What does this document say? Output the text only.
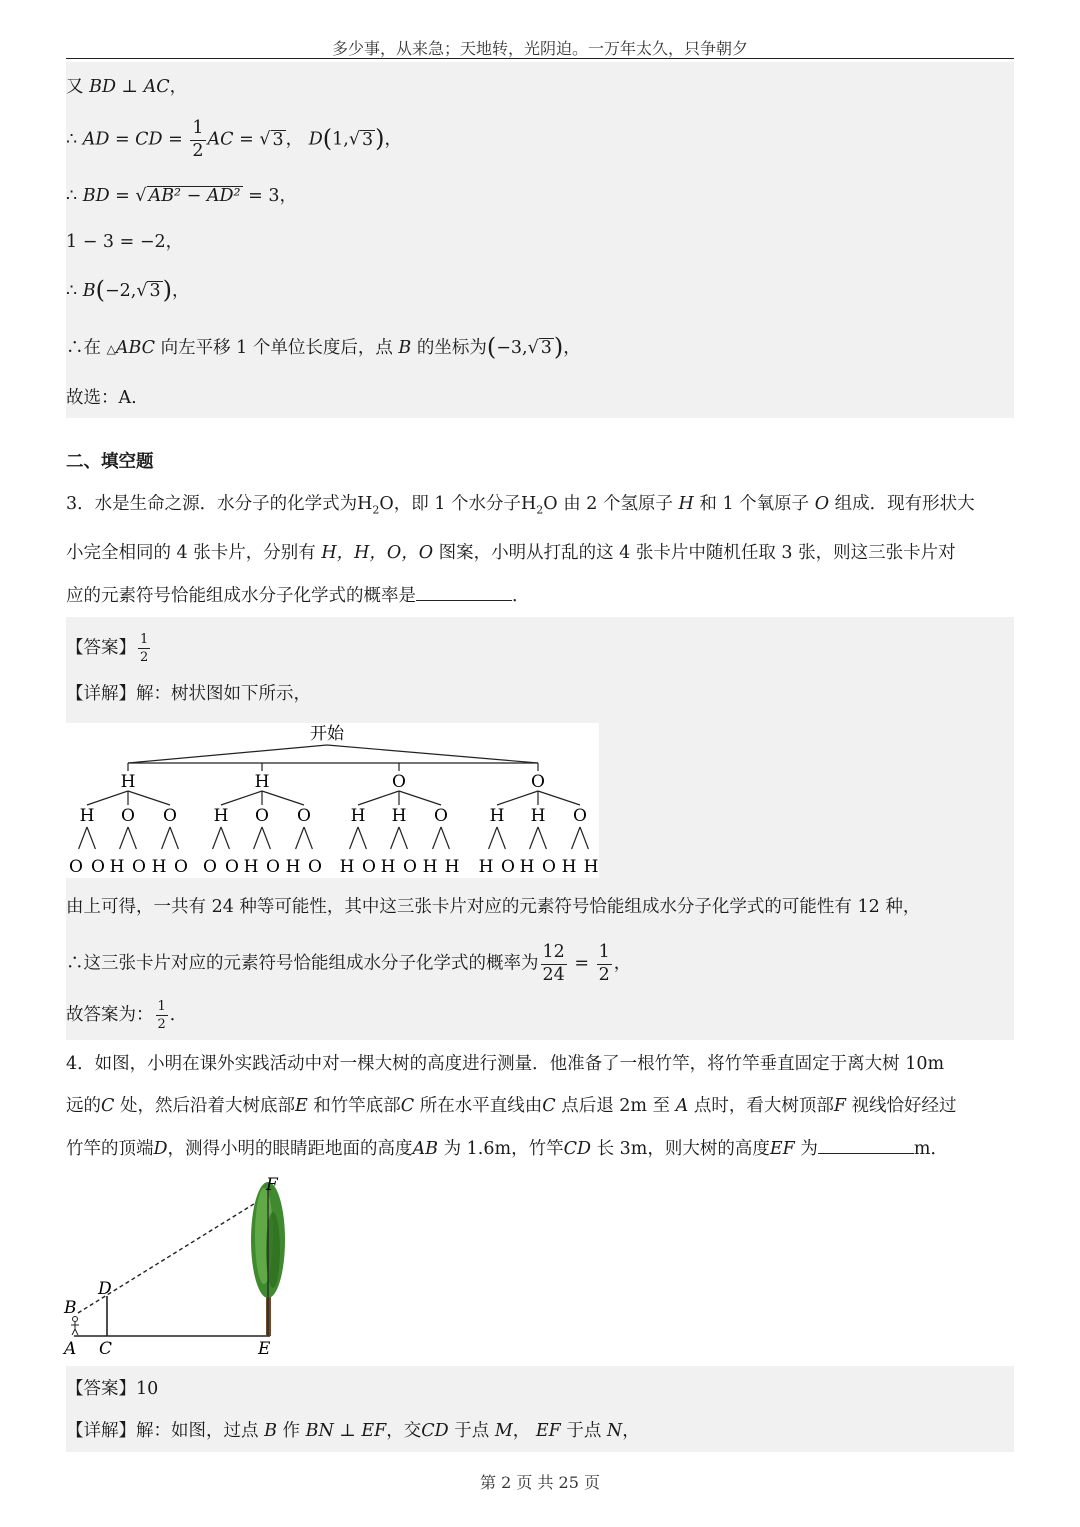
多少事，从来急；天地转，光阴迫。一万年太久，只争朝夕
又 BD ⊥ AC，
∴ AD = CD = $\frac{1}{2}$ AC = √ 3 ， D(1,√ 3)，
∴ BD = √ AB² − AD² = 3，
1 − 3 = −2，
∴ B(−2,√ 3)，
∴在 △ABC 向左平移 1 个单位长度后，点 B 的坐标为(−3,√ 3)，
故选：A.
二、填空题
3．水是生命之源．水分子的化学式为$H_2O$，即 1 个水分子$H_2O$ 由 2 个氢原子 H 和 1 个氧原子 O 组成．现有形状大
小完全相同的 4 张卡片，分别有 H，H，O，O 图案，小明从打乱的这 4 张卡片中随机任取 3 张，则这三张卡片对
应的元素符号恰能组成水分子化学式的概率是	．
【答案】 $\frac{1}{2}$
【详解】解：树状图如下所示，
开始
H
H
O O
O
H O
O
H O
H
H
O O
O
H O
O
H O
O
H
H O
H
H O
O
H H
O
H
H O
H
H O
O
H H
由上可得，一共有 24 种等可能性，其中这三张卡片对应的元素符号恰能组成水分子化学式的可能性有 12 种，
∴这三张卡片对应的元素符号恰能组成水分子化学式的概率为 $\frac{12}{24} = \frac{1}{2}$ ，
故答案为： $\frac{1}{2}$ ．
4．如图，小明在课外实践活动中对一棵大树的高度进行测量．他准备了一根竹竿，将竹竿垂直固定于离大树 10m
远的C 处，然后沿着大树底部E 和竹竿底部C 所在水平直线由C 点后退 2m 至 A 点时，看大树顶部F 视线恰好经过
竹竿的顶端D，测得小明的眼睛距地面的高度AB 为 1.6m，竹竿CD 长 3m，则大树的高度EF 为	m．
F
D
B
A C	E
【答案】10
【详解】解：如图，过点 B 作 BN ⊥ EF，交CD 于点 M， EF 于点 N，
第 2 页 共 25 页
